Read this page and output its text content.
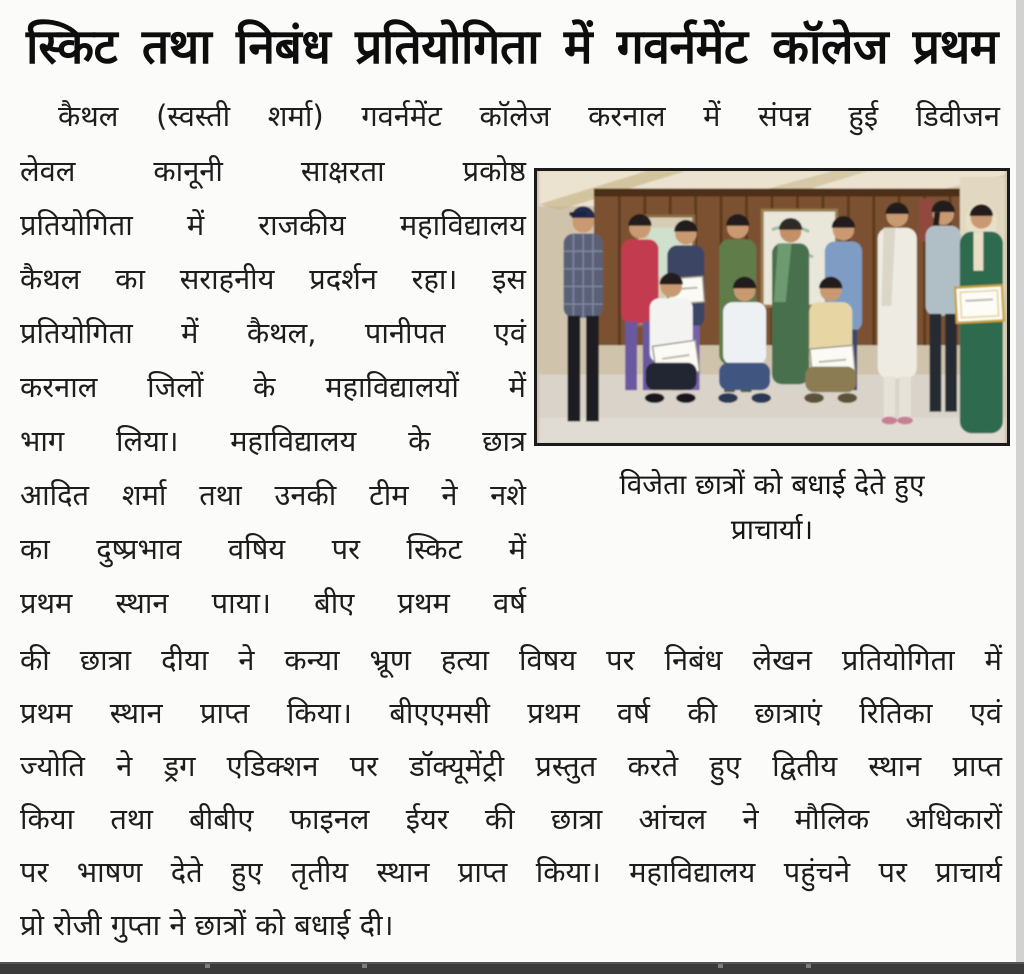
स्किट तथा निबंध प्रतियोगिता में गवर्नमेंट कॉलेज प्रथम
कैथल (स्वस्ती शर्मा) गवर्नमेंट कॉलेज करनाल में संपन्न हुई डिवीजन
लेवल कानूनी साक्षरता प्रकोष्ठ
प्रतियोगिता में राजकीय महाविद्यालय
कैथल का सराहनीय प्रदर्शन रहा। इस
प्रतियोगिता में कैथल, पानीपत एवं
करनाल जिलों के महाविद्यालयों में
भाग लिया। महाविद्यालय के छात्र
आदित शर्मा तथा उनकी टीम ने नशे
का दुष्प्रभाव वषिय पर स्किट में
प्रथम स्थान पाया। बीए प्रथम वर्ष
की छात्रा दीया ने कन्या भ्रूण हत्या विषय पर निबंध लेखन प्रतियोगिता में
प्रथम स्थान प्राप्त किया। बीएएमसी प्रथम वर्ष की छात्राएं रितिका एवं
ज्योति ने ड्रग एडिक्शन पर डॉक्यूमेंट्री प्रस्तुत करते हुए द्वितीय स्थान प्राप्त
किया तथा बीबीए फाइनल ईयर की छात्रा आंचल ने मौलिक अधिकारों
पर भाषण देते हुए तृतीय स्थान प्राप्त किया। महाविद्यालय पहुंचने पर प्राचार्य
प्रो रोजी गुप्ता ने छात्रों को बधाई दी।
विजेता छात्रों को बधाई देते हुए
प्राचार्या।
